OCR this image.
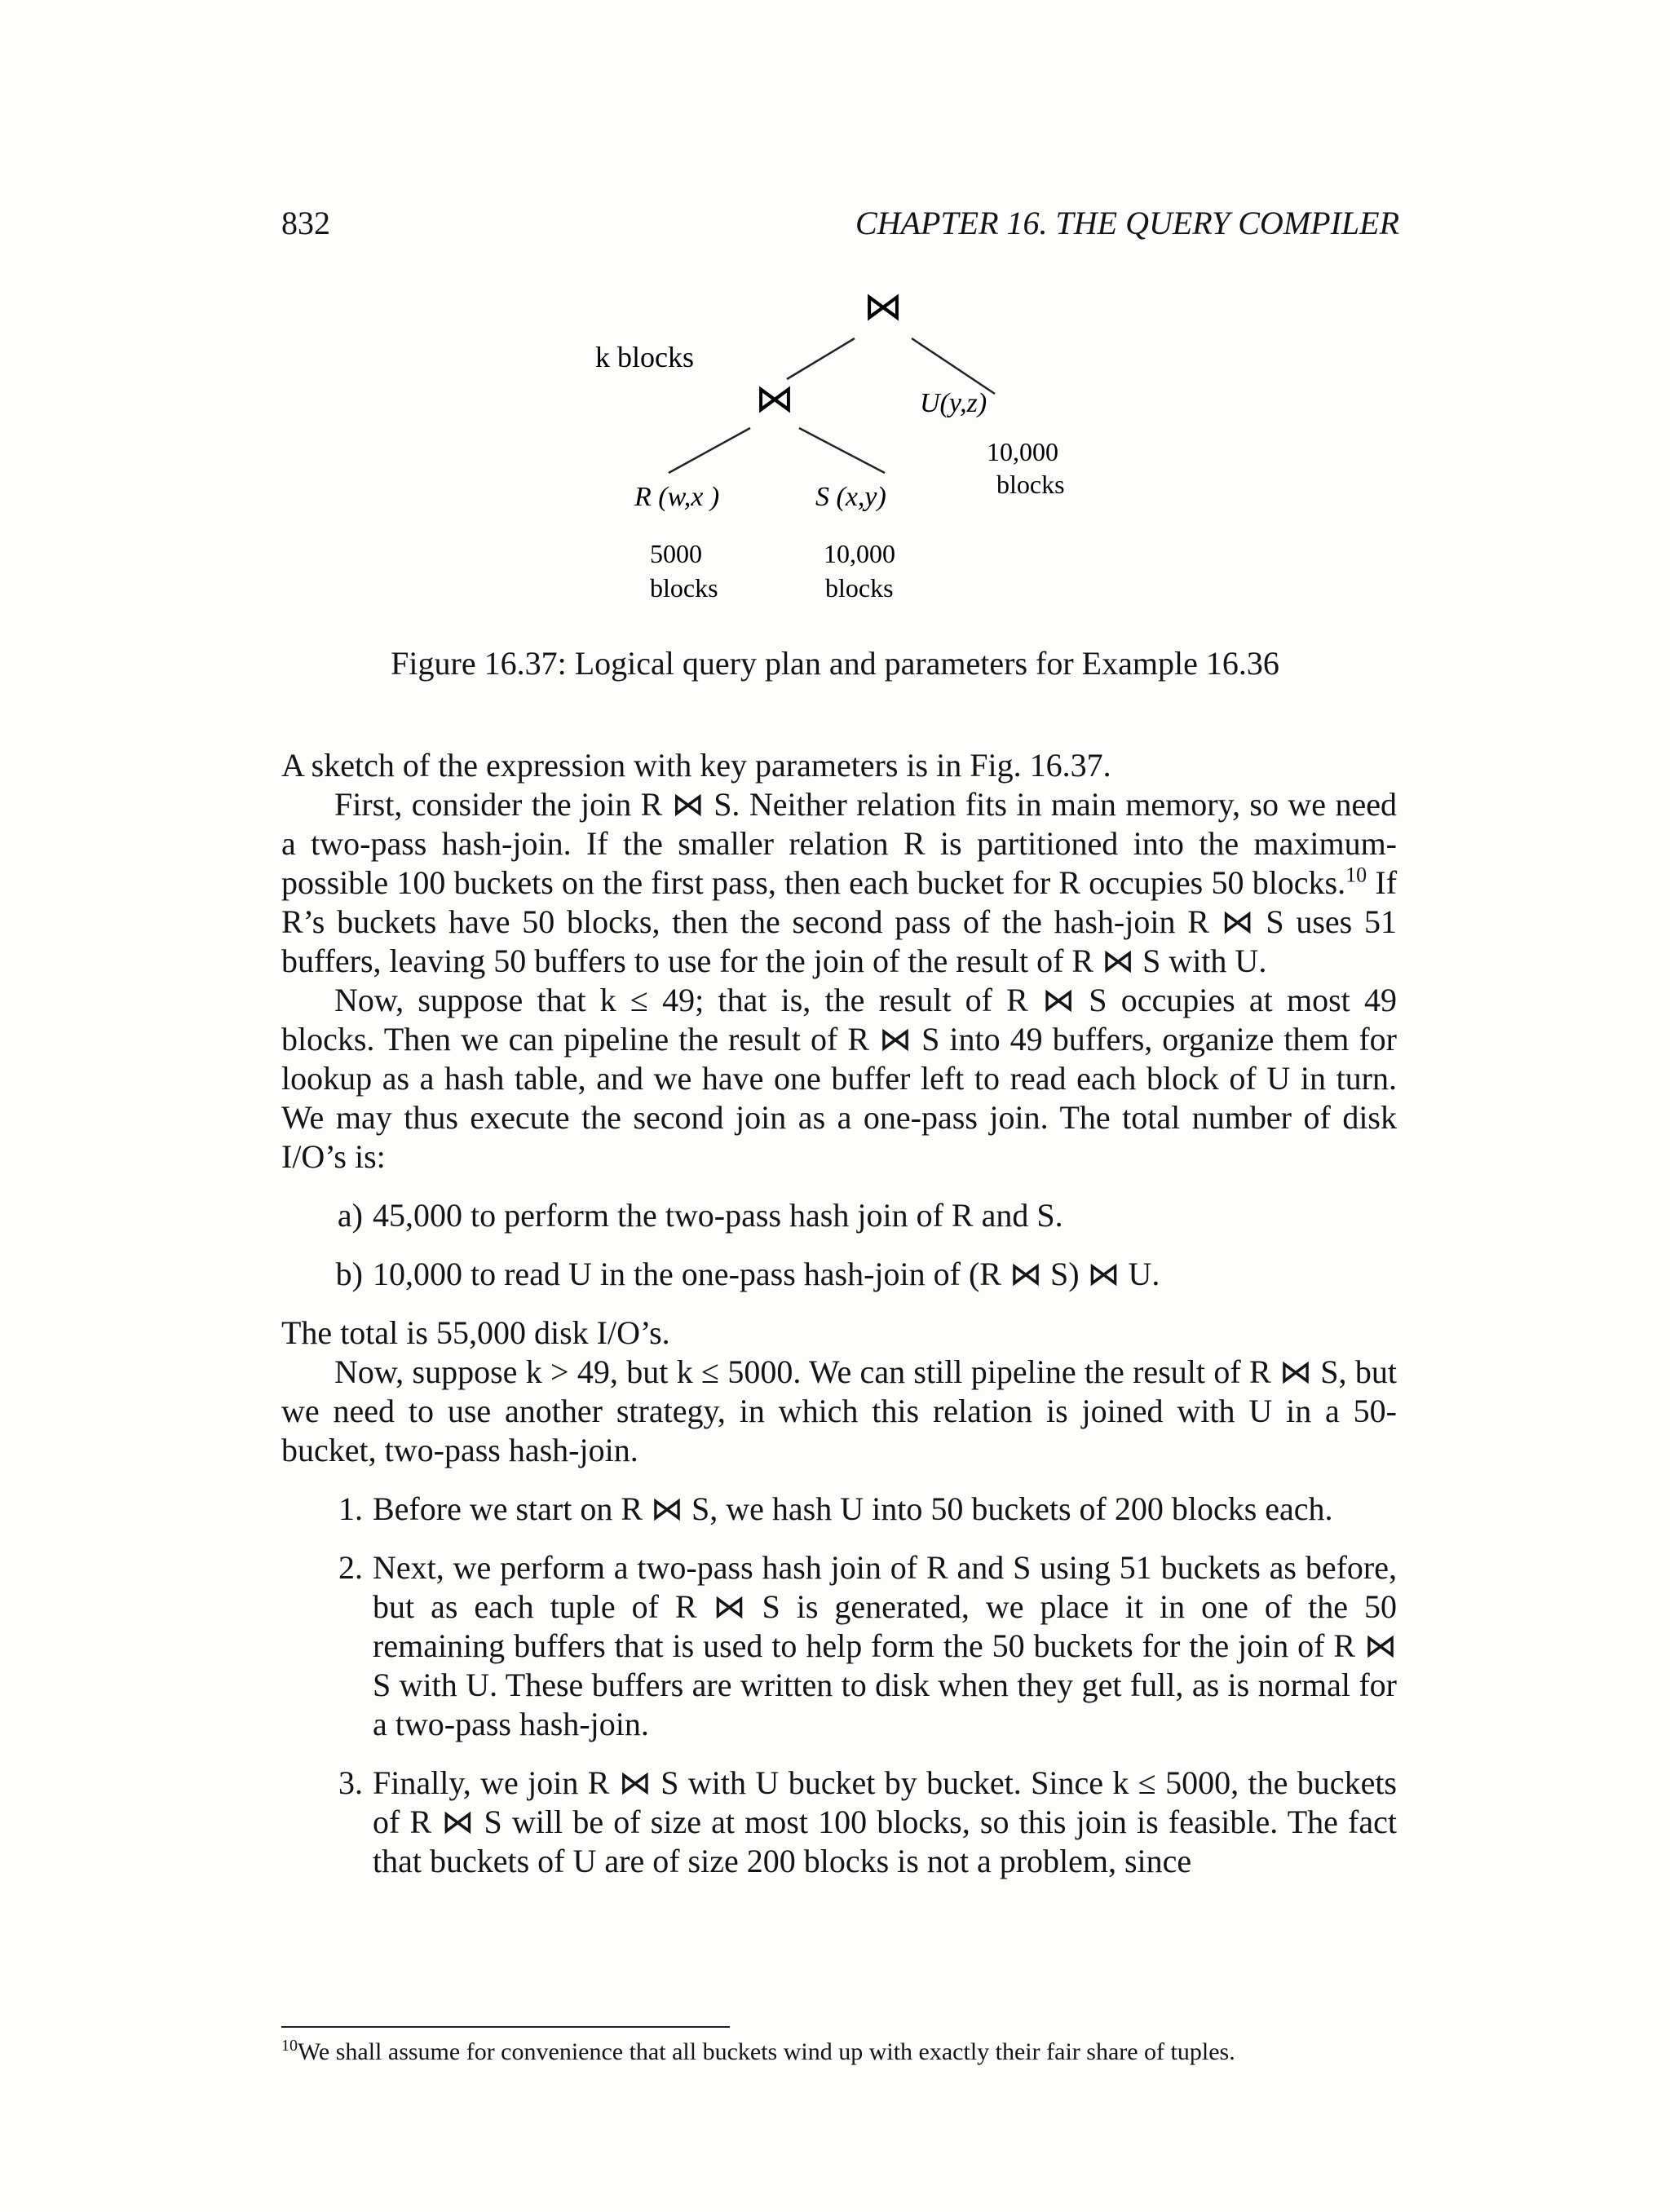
832	CHAPTER 16. THE QUERY COMPILER
⋈
k blocks
⋈	U(y,z)
10,000
blocks
R (w,x )	S (x,y)
5000
blocks
10,000
blocks
Figure 16.37: Logical query plan and parameters for Example 16.36

A sketch of the expression with key parameters is in Fig. 16.37.

First, consider the join R ⋈ S. Neither relation fits in main memory, so we need a two-pass hash-join. If the smaller relation R is partitioned into the maximum-possible 100 buckets on the first pass, then each bucket for R occupies 50 blocks.$^{10}$ If R’s buckets have 50 blocks, then the second pass of the hash-join R ⋈ S uses 51 buffers, leaving 50 buffers to use for the join of the result of R ⋈ S with U.

Now, suppose that k ≤ 49; that is, the result of R ⋈ S occupies at most 49 blocks. Then we can pipeline the result of R ⋈ S into 49 buffers, organize them for lookup as a hash table, and we have one buffer left to read each block of U in turn. We may thus execute the second join as a one-pass join. The total number of disk I/O’s is:

a) 45,000 to perform the two-pass hash join of R and S.
b) 10,000 to read U in the one-pass hash-join of (R ⋈ S) ⋈ U.

The total is 55,000 disk I/O’s.

Now, suppose k > 49, but k ≤ 5000. We can still pipeline the result of R ⋈ S, but we need to use another strategy, in which this relation is joined with U in a 50-bucket, two-pass hash-join.

1. Before we start on R ⋈ S, we hash U into 50 buckets of 200 blocks each.
2. Next, we perform a two-pass hash join of R and S using 51 buckets as before, but as each tuple of R ⋈ S is generated, we place it in one of the 50 remaining buffers that is used to help form the 50 buckets for the join of R ⋈ S with U. These buffers are written to disk when they get full, as is normal for a two-pass hash-join.
3. Finally, we join R ⋈ S with U bucket by bucket. Since k ≤ 5000, the buckets of R ⋈ S will be of size at most 100 blocks, so this join is feasible. The fact that buckets of U are of size 200 blocks is not a problem, since
$^{10}$We shall assume for convenience that all buckets wind up with exactly their fair share of tuples.
